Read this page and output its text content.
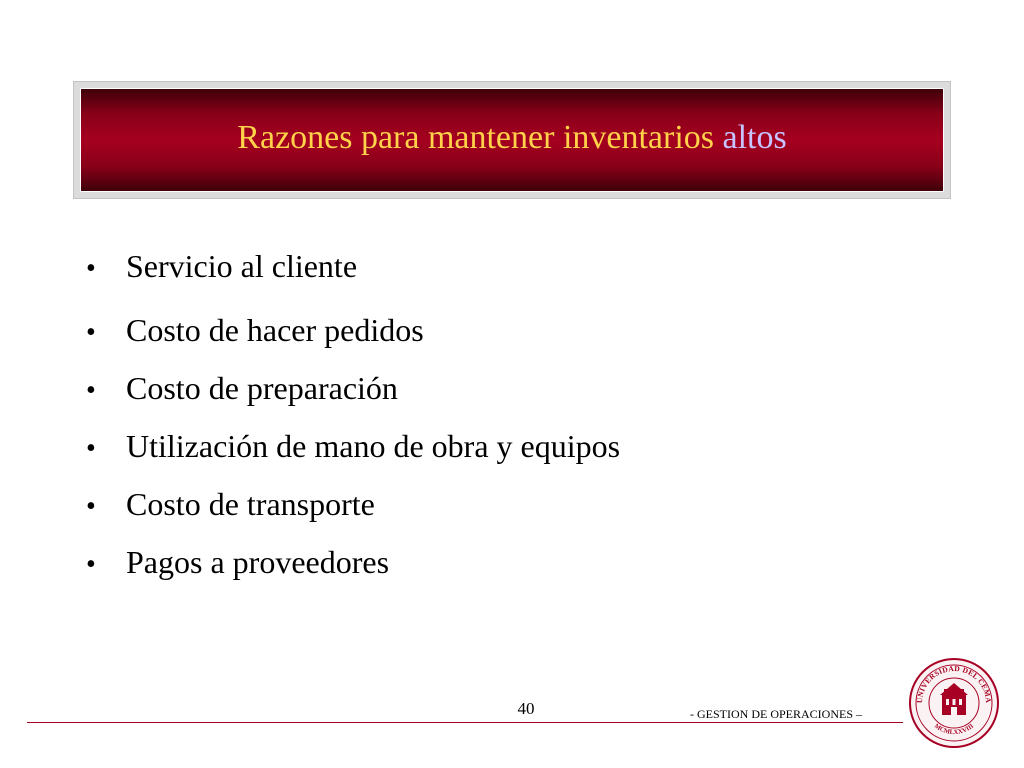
Razones para mantener inventarios altos
• Servicio al cliente
• Costo de hacer pedidos
• Costo de preparación
• Utilización de mano de obra y equipos
• Costo de transporte
• Pagos a proveedores
40	- GESTION DE OPERACIONES –
UNIVERSIDAD DEL CEMA
MCMLXXVIII
